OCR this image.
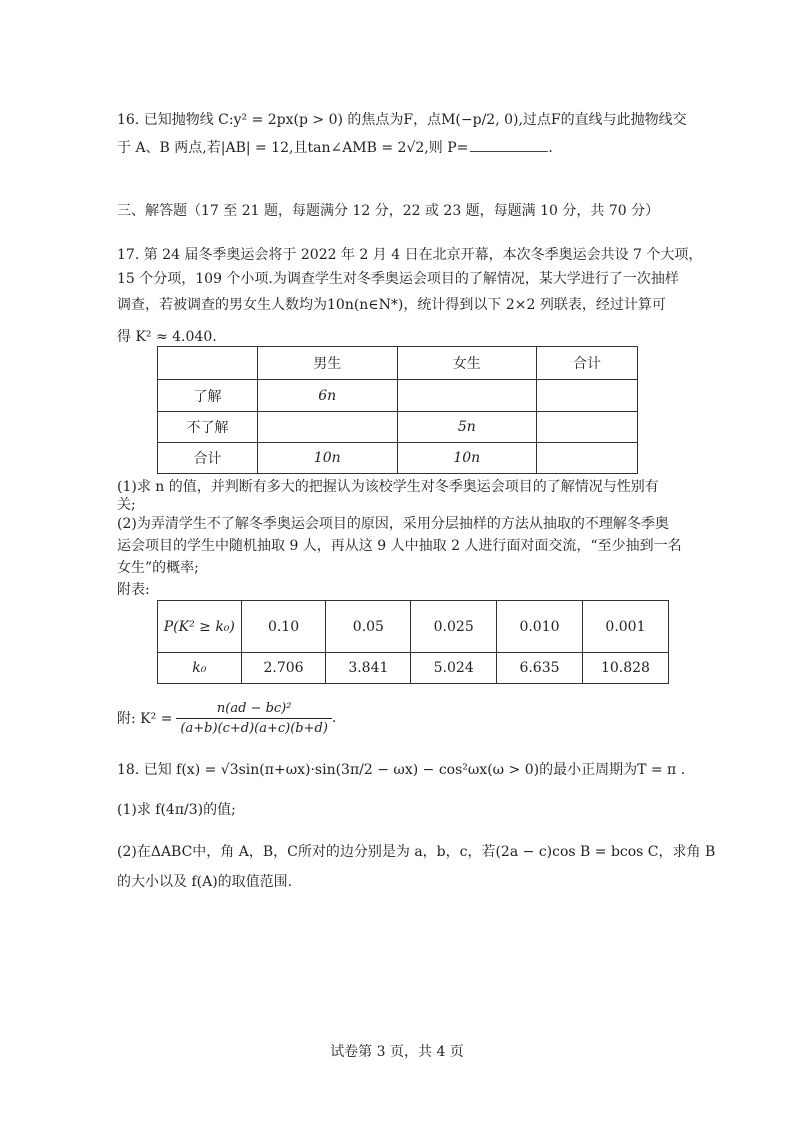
16. 已知抛物线 C:y² = 2px(p > 0) 的焦点为F，点M(−p/2, 0),过点F的直线与此抛物线交
于 A、B 两点,若|AB| = 12,且tan∠AMB = 2√2,则 P=	.
三、解答题（17 至 21 题，每题满分 12 分，22 或 23 题，每题满 10 分，共 70 分）
17. 第 24 届冬季奥运会将于 2022 年 2 月 4 日在北京开幕，本次冬季奥运会共设 7 个大项，
15 个分项，109 个小项.为调查学生对冬季奥运会项目的了解情况，某大学进行了一次抽样
调查，若被调查的男女生人数均为10n(n∈N*)，统计得到以下 2×2 列联表，经过计算可
得 K² ≈ 4.040.
	男生	女生	合计
了解	6n		
不了解		5n	
合计	10n	10n	
(1)求 n 的值，并判断有多大的把握认为该校学生对冬季奥运会项目的了解情况与性别有
关;
(2)为弄清学生不了解冬季奥运会项目的原因，采用分层抽样的方法从抽取的不理解冬季奥
运会项目的学生中随机抽取 9 人，再从这 9 人中抽取 2 人进行面对面交流，“至少抽到一名
女生”的概率;
附表:
P(K² ≥ k₀)	0.10	0.05	0.025	0.010	0.001
k₀	2.706	3.841	5.024	6.635	10.828
附: K² =
n(ad − bc)²
(a+b)(c+d)(a+c)(b+d)
.
18. 已知 f(x) = √3sin(π+ωx)·sin(3π/2 − ωx) − cos²ωx(ω > 0)的最小正周期为T = π .
(1)求 f(4π/3)的值;
(2)在ΔABC中，角 A，B，C所对的边分别是为 a，b，c，若(2a − c)cos B = bcos C，求角 B
的大小以及 f(A)的取值范围.
试卷第 3 页，共 4 页
